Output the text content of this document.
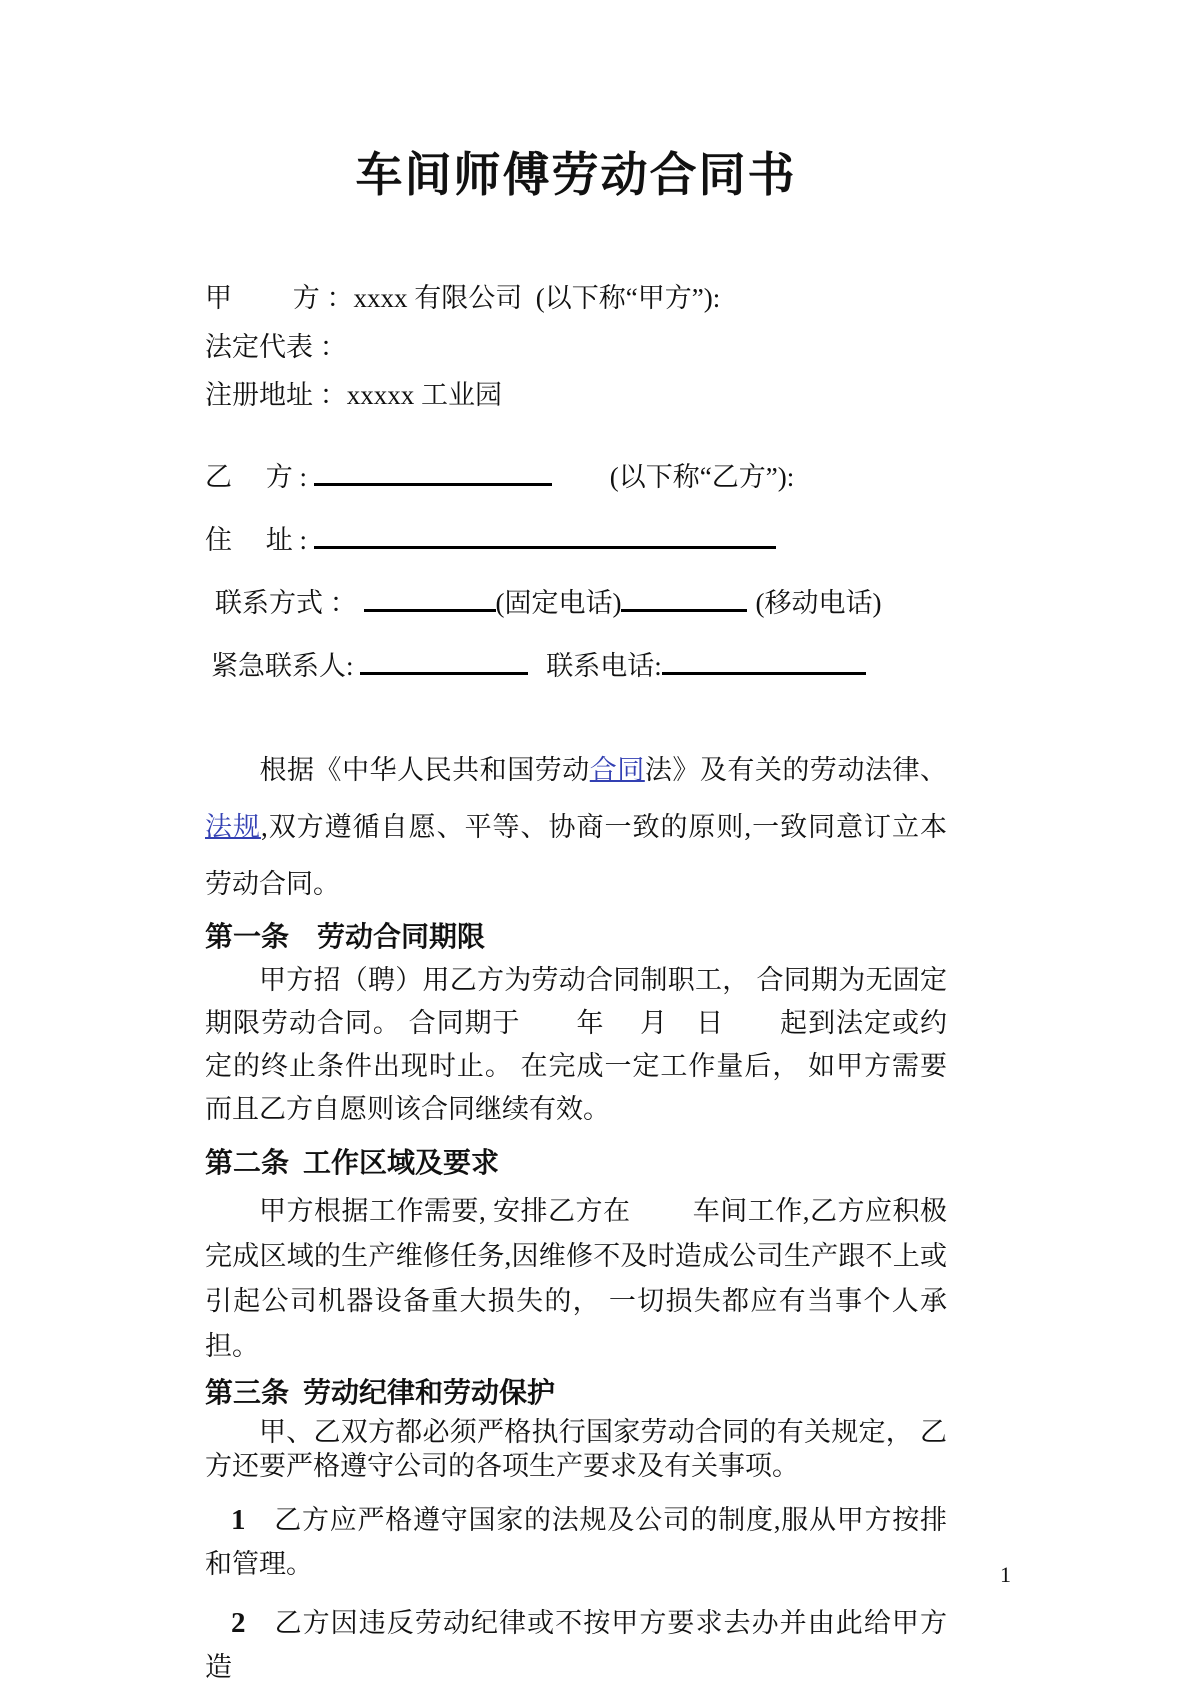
车间师傅劳动合同书
甲　　 方 ：xxxx 有限公司  (以下称“甲方”):
法定代表 ：
注册地址 ：xxxxx 工业园
乙　 方 :	(以下称“乙方”):
住　 址 :
联系方式 ：	(固定电话)	(移动电话)
紧急联系人:	联系电话:
根据《中华人民共和国劳动合同法》及有关的劳动法律、法规,双方遵循自愿、平等、协商一致的原则,一致同意订立本劳动合同。
第一条　劳动合同期限

甲方招（聘）用乙方为劳动合同制职工， 合同期为无固定期限劳动合同。 合同期于　　年　 月　日　　起到法定或约定的终止条件出现时止。 在完成一定工作量后， 如甲方需要而且乙方自愿则该合同继续有效。

第二条  工作区域及要求

甲方根据工作需要, 安排乙方在　　 车间工作,乙方应积极完成区域的生产维修任务,因维修不及时造成公司生产跟不上或引起公司机器设备重大损失的， 一切损失都应有当事个人承担。

第三条  劳动纪律和劳动保护

甲、乙双方都必须严格执行国家劳动合同的有关规定， 乙方还要严格遵守公司的各项生产要求及有关事项。

1 乙方应严格遵守国家的法规及公司的制度,服从甲方按排和管理。
2 乙方因违反劳动纪律或不按甲方要求去办并由此给甲方造
1
